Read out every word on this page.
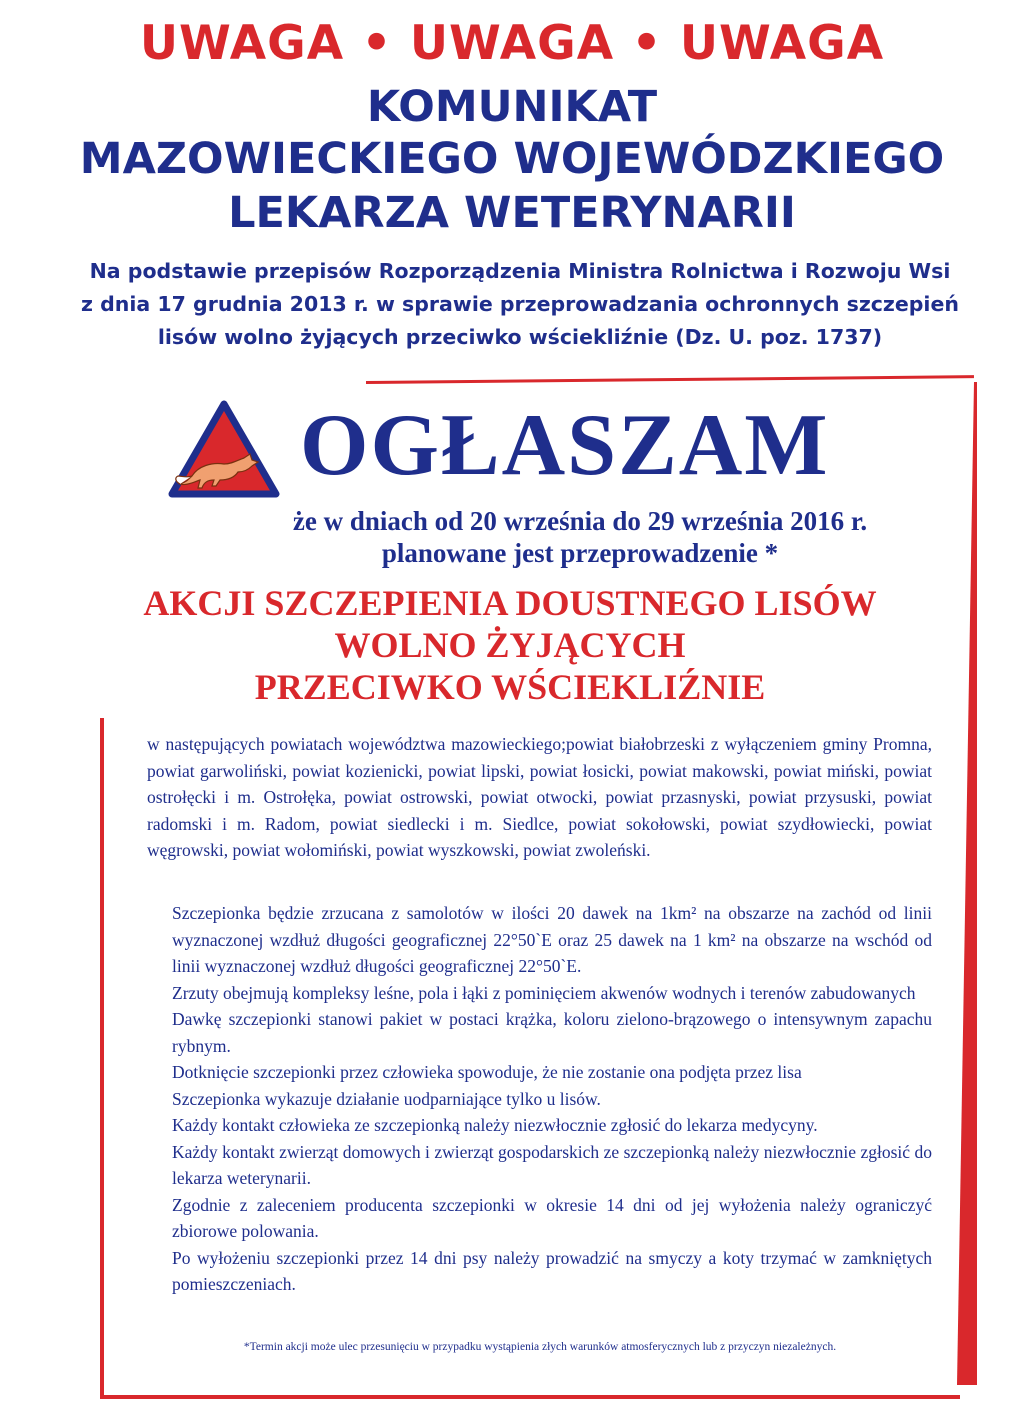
UWAGA • UWAGA • UWAGA
KOMUNIKAT
MAZOWIECKIEGO WOJEWÓDZKIEGO
LEKARZA WETERYNARII
Na podstawie przepisów Rozporządzenia Ministra Rolnictwa i Rozwoju Wsi
z dnia 17 grudnia 2013 r. w sprawie przeprowadzania ochronnych szczepień
lisów wolno żyjących przeciwko wściekliźnie (Dz. U. poz. 1737)
OGŁASZAM
że w dniach od 20 września do 29 września 2016 r.
planowane jest przeprowadzenie *
AKCJI SZCZEPIENIA DOUSTNEGO LISÓW
WOLNO ŻYJĄCYCH
PRZECIWKO WŚCIEKLIŹNIE
w następujących powiatach województwa mazowieckiego;powiat białobrzeski z wyłączeniem gminy Promna, powiat garwoliński, powiat kozienicki, powiat lipski, powiat łosicki, powiat makowski, powiat miński, powiat ostrołęcki i m. Ostrołęka, powiat ostrowski, powiat otwocki, powiat przasnyski, powiat przysuski, powiat radomski i m. Radom, powiat siedlecki i m. Siedlce, powiat sokołowski, powiat szydłowiecki, powiat węgrowski, powiat wołomiński, powiat wyszkowski, powiat zwoleński.

Szczepionka będzie zrzucana z samolotów w ilości 20 dawek na 1km² na obszarze na zachód od linii wyznaczonej wzdłuż długości geograficznej 22°50`E oraz 25 dawek na 1 km² na obszarze na wschód od linii wyznaczonej wzdłuż długości geograficznej 22°50`E.

Zrzuty obejmują kompleksy leśne, pola i łąki z pominięciem akwenów wodnych i terenów zabudowanych

Dawkę szczepionki stanowi pakiet w postaci krążka, koloru zielono-brązowego o intensywnym zapachu rybnym.

Dotknięcie szczepionki przez człowieka spowoduje, że nie zostanie ona podjęta przez lisa

Szczepionka wykazuje działanie uodparniające tylko u lisów.

Każdy kontakt człowieka ze szczepionką należy niezwłocznie zgłosić do lekarza medycyny.

Każdy kontakt zwierząt domowych i zwierząt gospodarskich ze szczepionką należy niezwłocznie zgłosić do lekarza weterynarii.

Zgodnie z zaleceniem producenta szczepionki w okresie 14 dni od jej wyłożenia należy ograniczyć zbiorowe polowania.

Po wyłożeniu szczepionki przez 14 dni psy należy prowadzić na smyczy a koty trzymać w zamkniętych pomieszczeniach.

*Termin akcji może ulec przesunięciu w przypadku wystąpienia złych warunków atmosferycznych lub z przyczyn niezależnych.
